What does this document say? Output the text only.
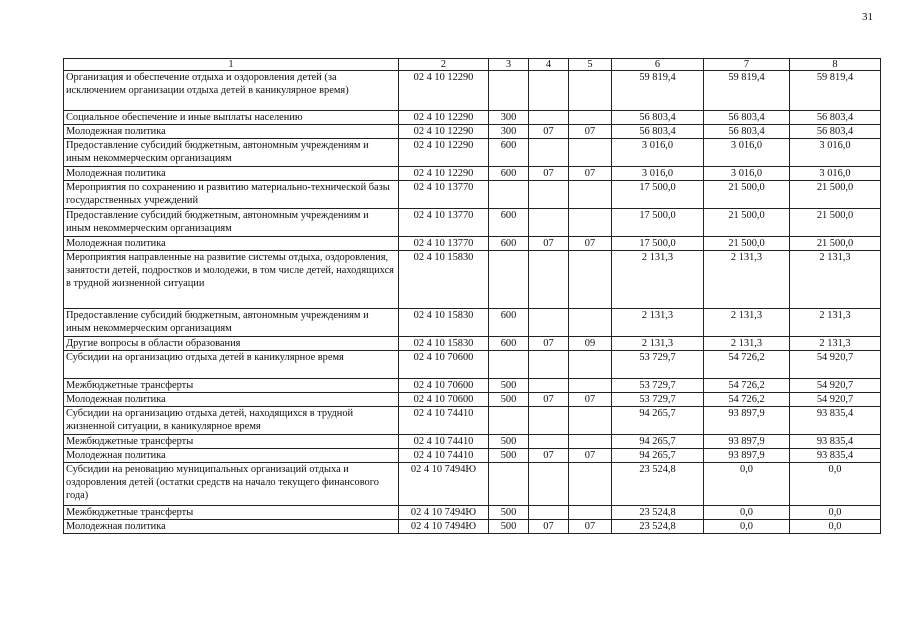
31
1	2	3	4	5	6	7	8
Организация и обеспечение отдыха и оздоровления детей (за исключением организации отдыха детей в каникулярное время)	02 4 10 12290				59 819,4	59 819,4	59 819,4
Социальное обеспечение и иные выплаты населению	02 4 10 12290	300			56 803,4	56 803,4	56 803,4
Молодежная политика	02 4 10 12290	300	07	07	56 803,4	56 803,4	56 803,4
Предоставление субсидий бюджетным, автономным учреждениям и иным некоммерческим организациям	02 4 10 12290	600			3 016,0	3 016,0	3 016,0
Молодежная политика	02 4 10 12290	600	07	07	3 016,0	3 016,0	3 016,0
Мероприятия по сохранению и развитию материально-технической базы государственных учреждений	02 4 10 13770				17 500,0	21 500,0	21 500,0
Предоставление субсидий бюджетным, автономным учреждениям и иным некоммерческим организациям	02 4 10 13770	600			17 500,0	21 500,0	21 500,0
Молодежная политика	02 4 10 13770	600	07	07	17 500,0	21 500,0	21 500,0
Мероприятия направленные на развитие системы отдыха, оздоровления, занятости детей, подростков и молодежи, в том числе детей, находящихся в трудной жизненной ситуации	02 4 10 15830				2 131,3	2 131,3	2 131,3
Предоставление субсидий бюджетным, автономным учреждениям и иным некоммерческим организациям	02 4 10 15830	600			2 131,3	2 131,3	2 131,3
Другие вопросы в области образования	02 4 10 15830	600	07	09	2 131,3	2 131,3	2 131,3
Субсидии на организацию отдыха детей в каникулярное время	02 4 10 70600				53 729,7	54 726,2	54 920,7
Межбюджетные трансферты	02 4 10 70600	500			53 729,7	54 726,2	54 920,7
Молодежная политика	02 4 10 70600	500	07	07	53 729,7	54 726,2	54 920,7
Субсидии на организацию отдыха детей, находящихся в трудной жизненной ситуации, в каникулярное время	02 4 10 74410				94 265,7	93 897,9	93 835,4
Межбюджетные трансферты	02 4 10 74410	500			94 265,7	93 897,9	93 835,4
Молодежная политика	02 4 10 74410	500	07	07	94 265,7	93 897,9	93 835,4
Субсидии на реновацию муниципальных организаций отдыха и оздоровления детей (остатки средств на начало текущего финансового года)	02 4 10 7494Ю				23 524,8	0,0	0,0
Межбюджетные трансферты	02 4 10 7494Ю	500			23 524,8	0,0	0,0
Молодежная политика	02 4 10 7494Ю	500	07	07	23 524,8	0,0	0,0
